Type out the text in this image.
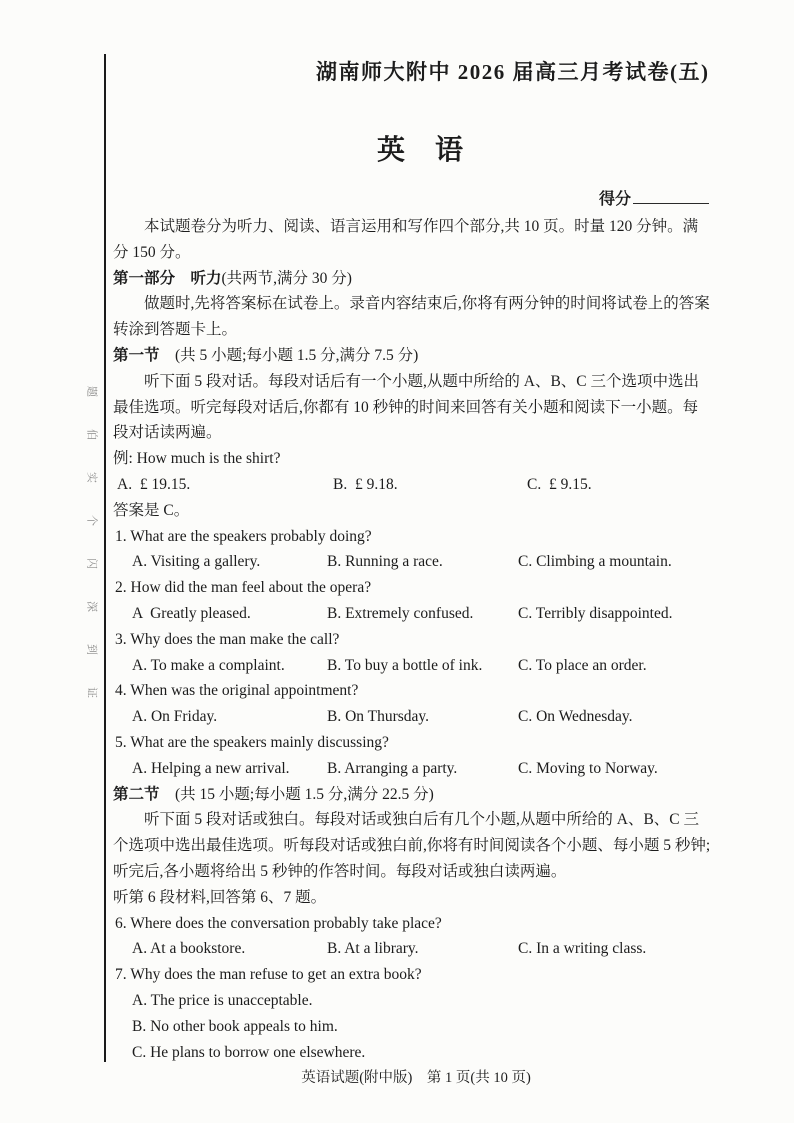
题
伯
实
个
闪
深
到
证
湖南师大附中 2026 届高三月考试卷(五)
英　语
得分

本试题卷分为听力、阅读、语言运用和写作四个部分,共 10 页。时量 120 分钟。满分 150 分。

第一部分　听力(共两节,满分 30 分)

做题时,先将答案标在试卷上。录音内容结束后,你将有两分钟的时间将试卷上的答案转涂到答题卡上。

第一节　(共 5 小题;每小题 1.5 分,满分 7.5 分)

听下面 5 段对话。每段对话后有一个小题,从题中所给的 A、B、C 三个选项中选出最佳选项。听完每段对话后,你都有 10 秒钟的时间来回答有关小题和阅读下一小题。每段对话读两遍。

例: How much is the shirt?

A.  £ 19.15.	B.  £ 9.18.	C.  £ 9.15.

答案是 C。

1. What are the speakers probably doing?

A. Visiting a gallery.	B. Running a race.	C. Climbing a mountain.

2. How did the man feel about the opera?

A  Greatly pleased.	B. Extremely confused.	C. Terribly disappointed.

3. Why does the man make the call?

A. To make a complaint.	B. To buy a bottle of ink.	C. To place an order.

4. When was the original appointment?

A. On Friday.	B. On Thursday.	C. On Wednesday.

5. What are the speakers mainly discussing?

A. Helping a new arrival.	B. Arranging a party.	C. Moving to Norway.

第二节　(共 15 小题;每小题 1.5 分,满分 22.5 分)

听下面 5 段对话或独白。每段对话或独白后有几个小题,从题中所给的 A、B、C 三个选项中选出最佳选项。听每段对话或独白前,你将有时间阅读各个小题、每小题 5 秒钟;听完后,各小题将给出 5 秒钟的作答时间。每段对话或独白读两遍。

听第 6 段材料,回答第 6、7 题。

6. Where does the conversation probably take place?

A. At a bookstore.	B. At a library.	C. In a writing class.

7. Why does the man refuse to get an extra book?

A. The price is unacceptable.
B. No other book appeals to him.
C. He plans to borrow one elsewhere.
英语试题(附中版)　第 1 页(共 10 页)
